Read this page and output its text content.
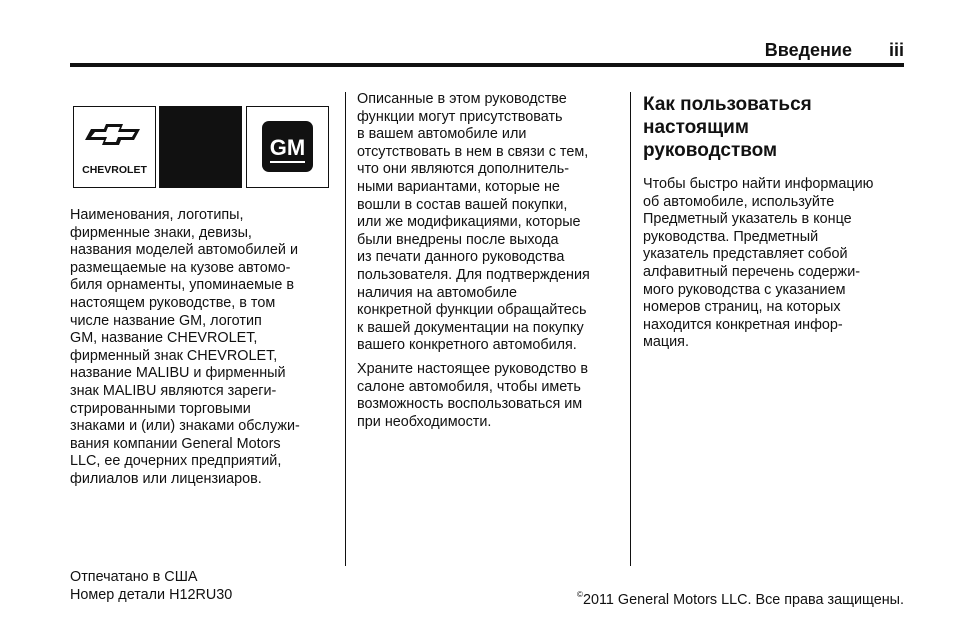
Введение iii
CHEVROLET
GM

Наименования, логотипы,
фирменные знаки, девизы,
названия моделей автомобилей и
размещаемые на кузове автомо-
биля орнаменты, упоминаемые в
настоящем руководстве, в том
числе название GM, логотип
GM, название CHEVROLET,
фирменный знак CHEVROLET,
название MALIBU и фирменный
знак MALIBU являются зареги-
стрированными торговыми
знаками и (или) знаками обслужи-
вания компании General Motors
LLC, ее дочерних предприятий,
филиалов или лицензиаров.

Описанные в этом руководстве
функции могут присутствовать
в вашем автомобиле или
отсутствовать в нем в связи с тем,
что они являются дополнитель-
ными вариантами, которые не
вошли в состав вашей покупки,
или же модификациями, которые
были внедрены после выхода
из печати данного руководства
пользователя. Для подтверждения
наличия на автомобиле
конкретной функции обращайтесь
к вашей документации на покупку
вашего конкретного автомобиля.

Храните настоящее руководство в
салоне автомобиля, чтобы иметь
возможность воспользоваться им
при необходимости.

Как пользоваться
настоящим
руководством

Чтобы быстро найти информацию
об автомобиле, используйте
Предметный указатель в конце
руководства. Предметный
указатель представляет собой
алфавитный перечень содержи-
мого руководства с указанием
номеров страниц, на которых
находится конкретная инфор-
мация.

Отпечатано в США
Номер детали H12RU30	©2011 General Motors LLC. Все права защищены.
